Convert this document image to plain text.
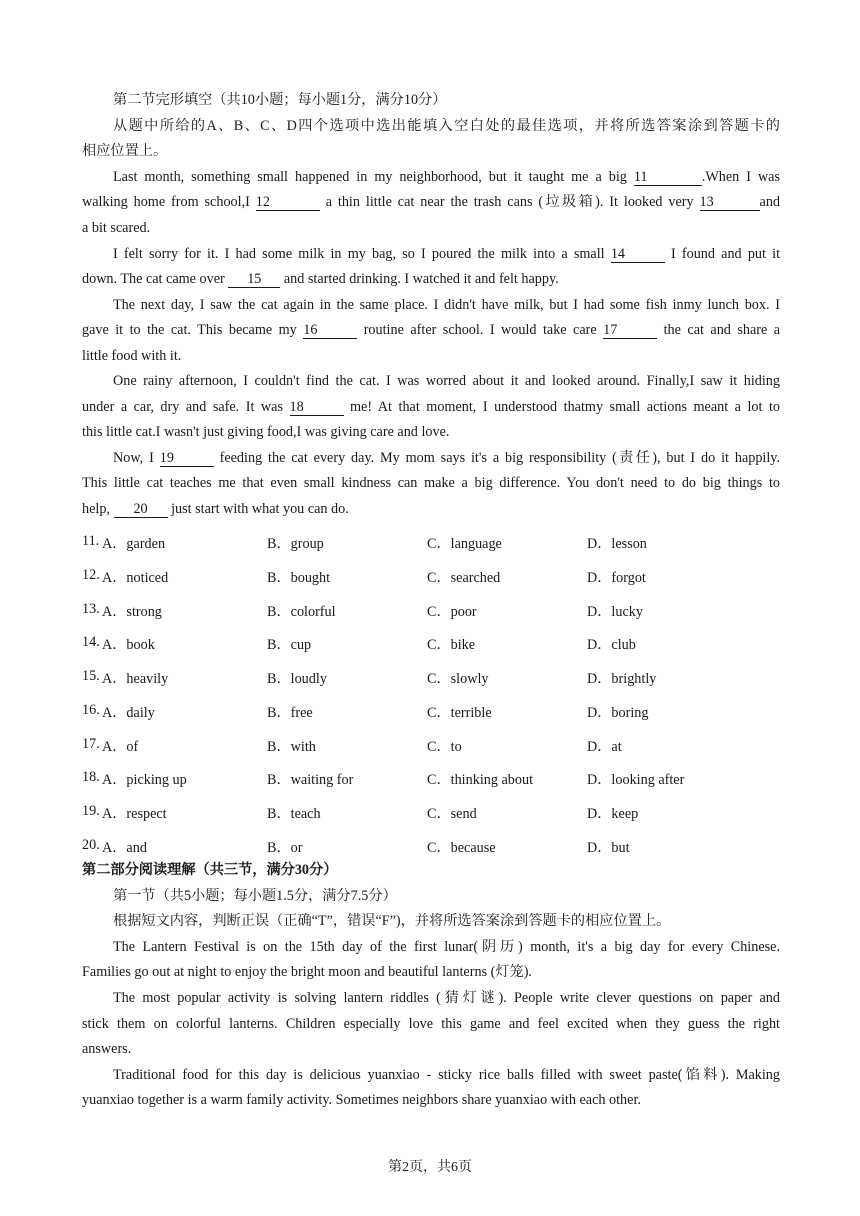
第二节完形填空（共10小题；每小题1分，满分10分）
从题中所给的A、B、C、D四个选项中选出能填入空白处的最佳选项，并将所选答案涂到答题卡的
相应位置上。
Last month, something small happened in my neighborhood, but it taught me a big 11	.When I was
walking home from school,I 12	a thin little cat near the trash cans (垃圾箱). It looked very 13	and
a bit scared.
I felt sorry for it. I had some milk in my bag, so I poured the milk into a small 14	I found and put it
down. The cat came over 15 and started drinking. I watched it and felt happy.
The next day, I saw the cat again in the same place. I didn't have milk, but I had some fish inmy lunch box. I
gave it to the cat. This became my 16	routine after school. I would take care 17	the cat and share a
little food with it.
One rainy afternoon, I couldn't find the cat. I was worred about it and looked around. Finally,I saw it hiding
under a car, dry and safe. It was 18	me! At that moment, I understood thatmy small actions meant a lot to
this little cat.I wasn't just giving food,I was giving care and love.
Now, I 19	feeding the cat every day. My mom says it's a big responsibility (责任), but I do it happily.
This little cat teaches me that even small kindness can make a big difference. You don't need to do big things to
help, 20 just start with what you can do.
11. A．garden	B．group	C．language	D．lesson
12. A．noticed	B．bought	C．searched	D．forgot
13. A．strong	B．colorful	C．poor	D．lucky
14. A．book	B．cup	C．bike	D．club
15. A．heavily	B．loudly	C．slowly	D．brightly
16. A．daily	B．free	C．terrible	D．boring
17. A．of	B．with	C．to	D．at
18. A．picking up	B．waiting for	C．thinking about	D．looking after
19. A．respect	B．teach	C．send	D．keep
20. A．and	B．or	C．because	D．but
第二部分阅读理解（共三节，满分30分）
第一节（共5小题；每小题1.5分，满分7.5分）
根据短文内容，判断正误（正确“T”，错误“F”)，并将所选答案涂到答题卡的相应位置上。
The Lantern Festival is on the 15th day of the first lunar(阴历) month, it's a big day for every Chinese.
Families go out at night to enjoy the bright moon and beautiful lanterns (灯笼).
The most popular activity is solving lantern riddles (猜灯谜). People write clever questions on paper and
stick them on colorful lanterns. Children especially love this game and feel excited when they guess the right
answers.
Traditional food for this day is delicious yuanxiao - sticky rice balls filled with sweet paste(馅料). Making
yuanxiao together is a warm family activity. Sometimes neighbors share yuanxiao with each other.
第2页，共6页
